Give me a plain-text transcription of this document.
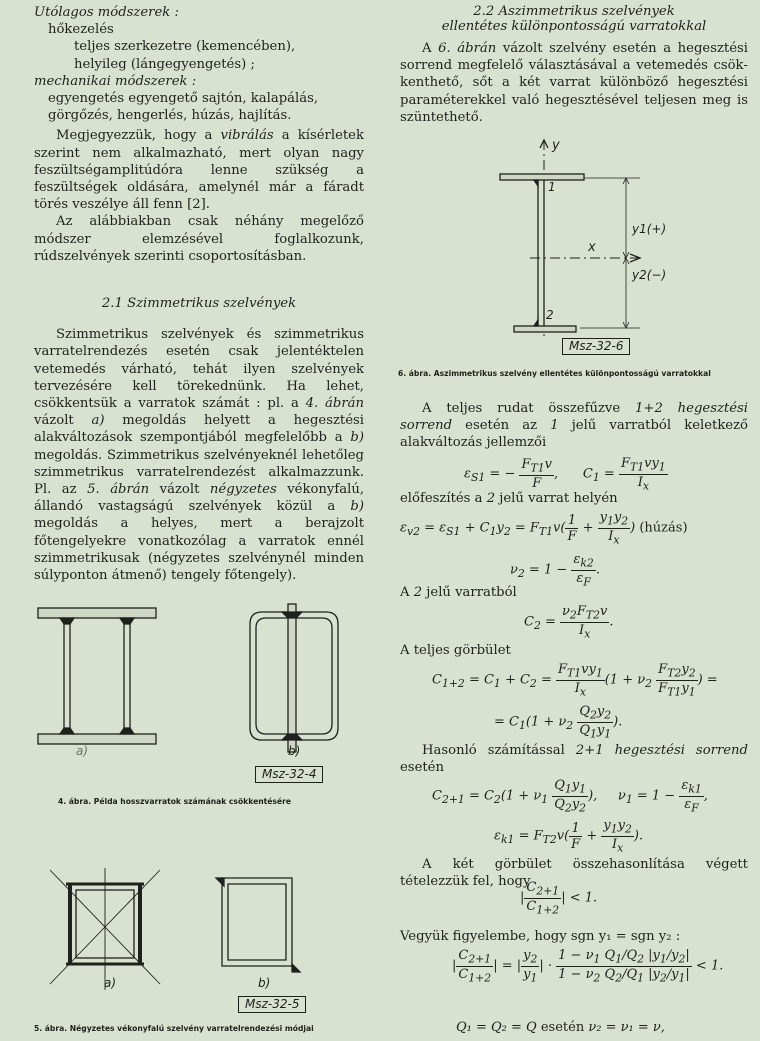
Utólagos módszerek :
hőkezelés
teljes szerkezetre (kemencében),
helyileg (lángegyengetés) ;
mechanikai módszerek :
egyengetés egyengető sajtón, kalapálás,
görgőzés, hengerlés, húzás, hajlítás.

Megjegyezzük, hogy a vibrálás a kísérletek szerint nem alkalmazható, mert olyan nagy feszültségamplitúdóra lenne szükség a feszültségek oldására, amelynél már a fáradt törés veszélye áll fenn [2].

Az alábbiakban csak néhány megelőző módszer elemzésével foglalkozunk, rúdszelvények szerinti csoportosításban.

2.1 Szimmetrikus szelvények

Szimmetrikus szelvények és szimmetrikus varratelrendezés esetén csak jelentéktelen vetemedés várható, tehát ilyen szelvények tervezésére kell törekednünk. Ha lehet, csökkentsük a varratok számát : pl. a 4. ábrán vázolt a) megoldás helyett a hegesztési alakváltozások szempontjából megfelelőbb a b) megoldás. Szimmetrikus szelvényeknél lehetőleg szimmetrikus varratelrendezést alkalmazzunk. Pl. az 5. ábrán vázolt négyzetes vékonyfalú, állandó vastagságú szelvények közül a b) megoldás a helyes, mert a berajzolt főtengelyekre vonatkozólag a varratok ennél szimmetrikusak (négyzetes szelvénynél minden súlyponton átmenő) tengely főtengely).

a)	b)
Msz-32-4
4. ábra. Példa hosszvarratok számának csökkentésére
a)	b)
Msz-32-5
5. ábra. Négyzetes vékonyfalú szelvény varratelrendezési módjai
2.2 Aszimmetrikus szelvények
ellentétes különpontosságú varratokkal

A 6. ábrán vázolt szelvény esetén a hegesztési sorrend megfelelő választásával a vetemedés csökkenthető, sőt a két varrat különböző hegesztési paraméterekkel való hegesztésével teljesen meg is szüntethető.

y
x
1
2
y1(+)
y2(−)
Msz-32-6
6. ábra. Aszimmetrikus szelvény ellentétes különpontosságú varratokkal

A teljes rudat összefűzve 1+2 hegesztési sorrend esetén az 1 jelű varratból keletkező alakváltozás jellemzői

$\varepsilon_{S1}$ = − $\frac{F_{T1}v}{F}$ ,      $C_1 = \frac{F_{T1}vy_1}{I_x}$
előfeszítés a 2 jelű varrat helyén
$\varepsilon_{v2} = \varepsilon_{S1} + C_1y_2 = F_{T1}v( \frac{1}{F} + \frac{y_1y_2}{I_x}$ ) (húzás)
$\nu_2 = 1 - \frac{\varepsilon_{k2}}{\varepsilon_F}$ .
A 2 jelű varratból
$C_2 = \frac{\nu_2F_{T2}v}{I_x}$ .
A teljes görbület
$C_{1+2} = C_1 + C_2 = \frac{F_{T1}vy_1}{I_x} (1 + \nu_2 \frac{F_{T2}y_2}{F_{T1}y_1}$ ) =
= $C_1(1 + \nu_2 \frac{Q_2y_2}{Q_1y_1}$ ).

Hasonló számítással 2+1 hegesztési sorrend esetén

$C_{2+1} = C_2(1 + \nu_1 \frac{Q_1y_1}{Q_2y_2}$ ),     $\nu_1 = 1 - \frac{\varepsilon_{k1}}{\varepsilon_F}$ ,
$\varepsilon_{k1} = F_{T2}v( \frac{1}{F} + \frac{y_1y_2}{I_x}$ ).

A két görbület összehasonlítása végett tételezzük fel, hogy

| $\frac{C_{2+1}}{C_{1+2}}$ | < 1.
Vegyük figyelembe, hogy sgn y₁ = sgn y₂ :
| $\frac{C_{2+1}}{C_{1+2}}$ | = | $\frac{y_2}{y_1}$ | · $\frac{1 - \nu_1 Q_1/Q_2 |y_1/y_2|}{1 - \nu_2 Q_2/Q_1 |y_2/y_1|} < 1$.
Q₁ = Q₂ = Q esetén ν₂ = ν₁ = ν,
